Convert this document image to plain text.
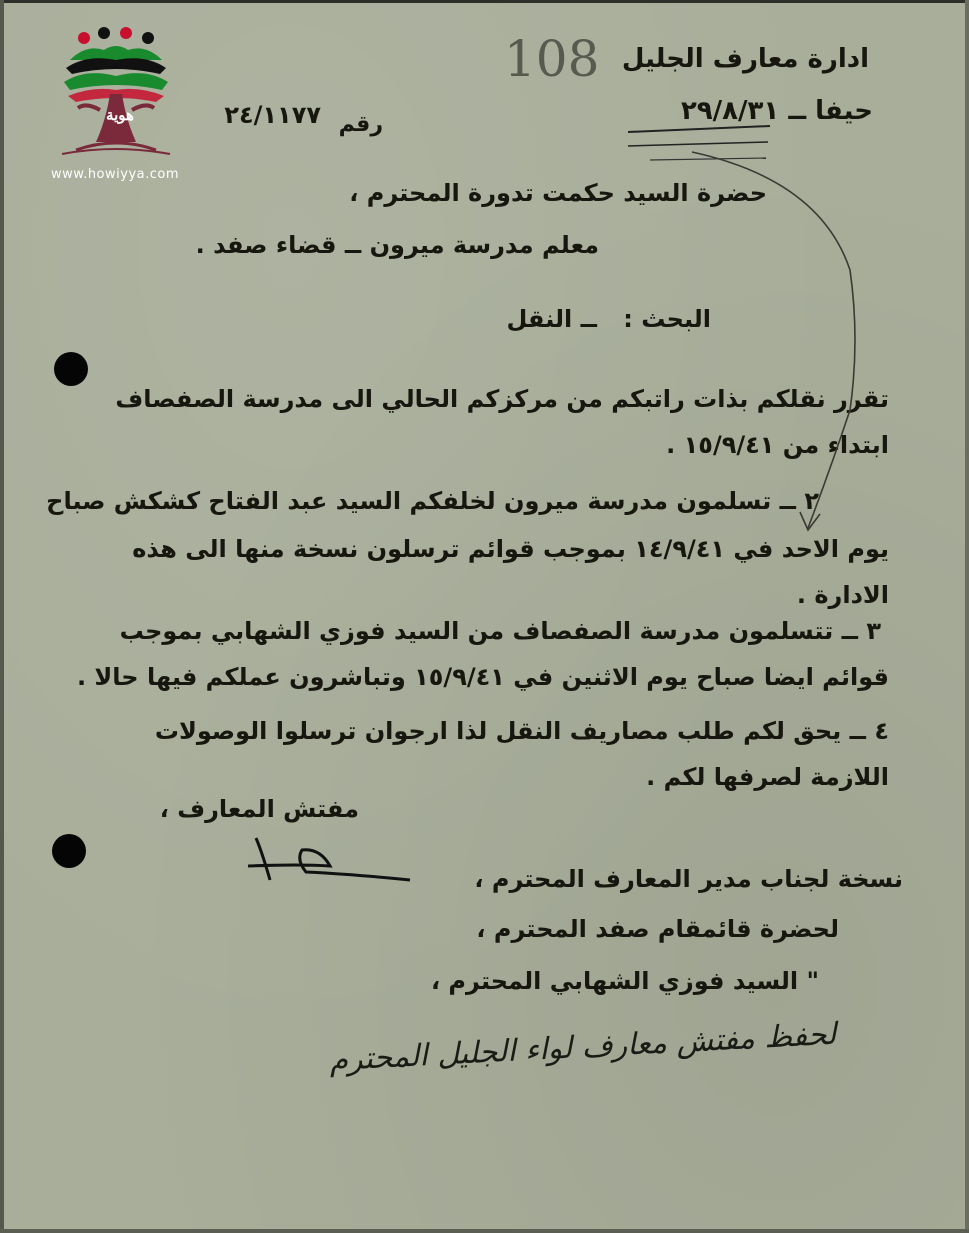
هوية
www.howiyya.com
108 ادارة معارف الجليل
حيفا ــ ٢٩/٨/٣١
رقم
٢٤/١١٧٧
حضرة السيد حكمت تدورة المحترم ،
معلم مدرسة ميرون ــ قضاء صفد .
البحث :
ــ النقل
تقرر نقلكم بذات راتبكم من مركزكم الحالي الى مدرسة الصفصاف
ابتداء من ١٥/٩/٤١ .
٢ ــ تسلمون مدرسة ميرون لخلفكم السيد عبد الفتاح كشكش صباح
يوم الاحد في ١٤/٩/٤١ بموجب قوائم ترسلون نسخة منها الى هذه
الادارة .
٣ ــ تتسلمون مدرسة الصفصاف من السيد فوزي الشهابي بموجب
قوائم ايضا صباح يوم الاثنين في ١٥/٩/٤١ وتباشرون عملكم فيها حالا .
٤ ــ يحق لكم طلب مصاريف النقل لذا ارجوان ترسلوا الوصولات
اللازمة لصرفها لكم .
مفتش المعارف ،
نسخة لجناب مدير المعارف المحترم ،
لحضرة قائمقام صفد المحترم ،
" السيد فوزي الشهابي المحترم ،
لحفظ مفتش معارف لواء الجليل المحترم
